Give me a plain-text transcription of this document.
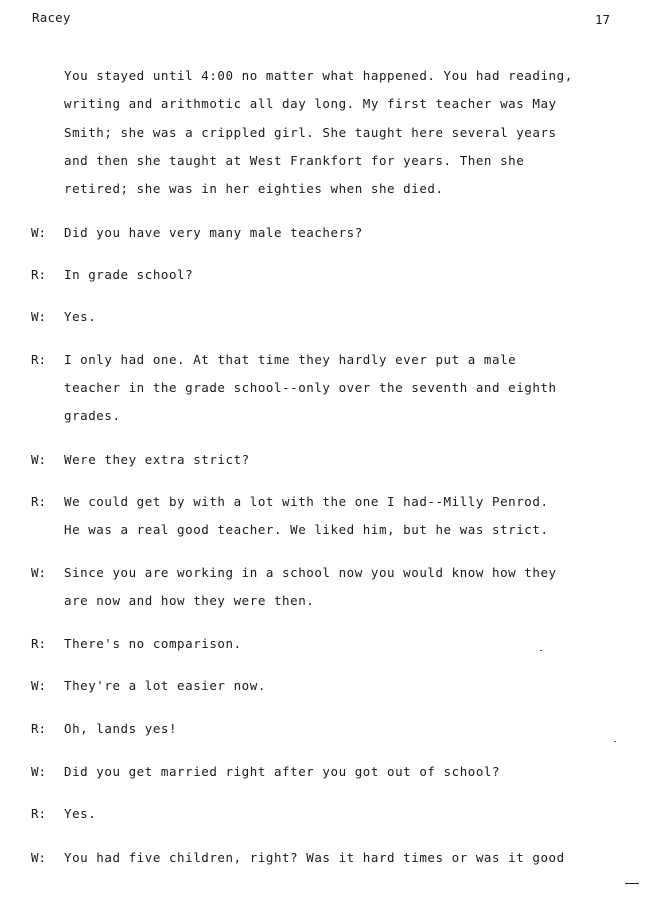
Racey	17
You stayed until 4:00 no matter what happened. You had reading,
writing and arithmotic all day long. My first teacher was May
Smith; she was a crippled girl. She taught here several years
and then she taught at West Frankfort for years. Then she
retired; she was in her eighties when she died.
W: Did you have very many male teachers?
R: In grade school?
W: Yes.
R: I only had one. At that time they hardly ever put a male
teacher in the grade school--only over the seventh and eighth
grades.
W: Were they extra strict?
R: We could get by with a lot with the one I had--Milly Penrod.
He was a real good teacher. We liked him, but he was strict.
W: Since you are working in a school now you would know how they
are now and how they were then.
R: There's no comparison.
W: They're a lot easier now.
R: Oh, lands yes!
W: Did you get married right after you got out of school?
R: Yes.
W: You had five children, right? Was it hard times or was it good
